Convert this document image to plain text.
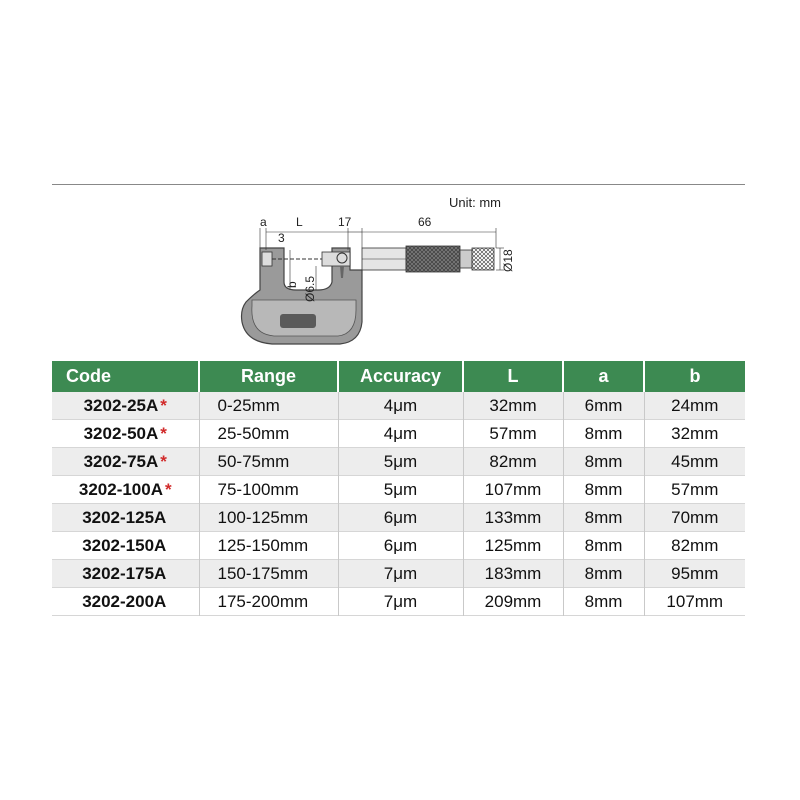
Unit: mm
a L	17	66
3
b Ø6.5
Ø18
Code	Range	Accuracy	L	a	b
3202-25A *	0-25mm	4μm	32mm	6mm	24mm
3202-50A *	25-50mm	4μm	57mm	8mm	32mm
3202-75A *	50-75mm	5μm	82mm	8mm	45mm
3202-100A *	75-100mm	5μm	107mm	8mm	57mm
3202-125A	100-125mm	6μm	133mm	8mm	70mm
3202-150A	125-150mm	6μm	125mm	8mm	82mm
3202-175A	150-175mm	7μm	183mm	8mm	95mm
3202-200A	175-200mm	7μm	209mm	8mm	107mm
